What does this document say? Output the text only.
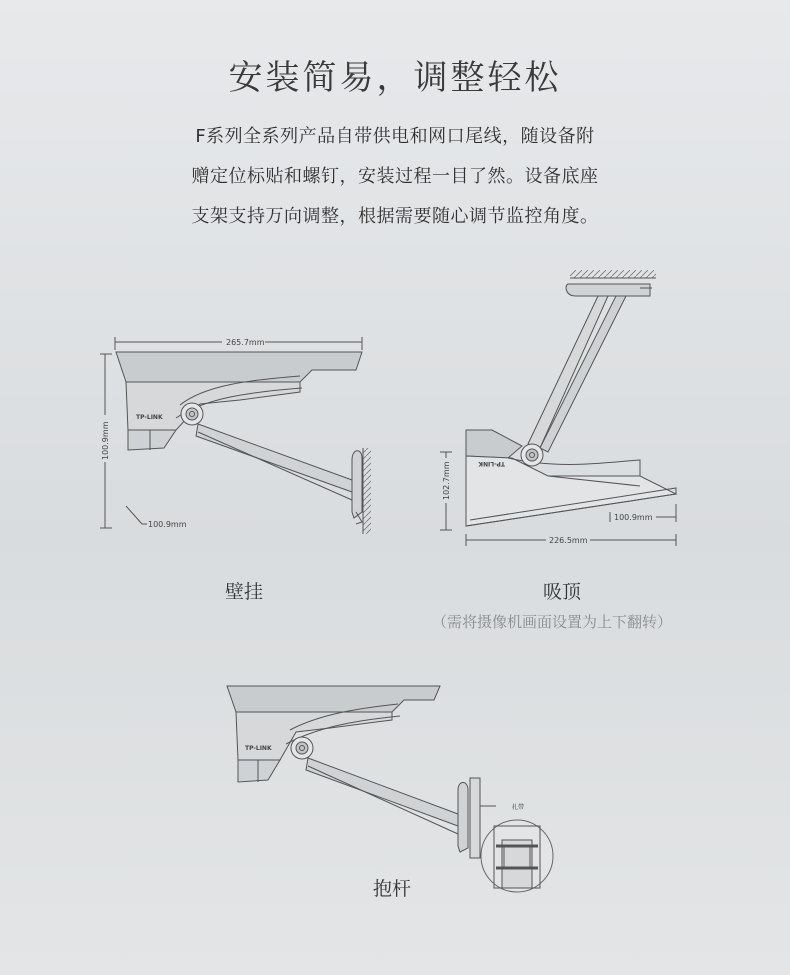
安装简易，调整轻松
F系列全系列产品自带供电和网口尾线，随设备附
赠定位标贴和螺钉，安装过程一目了然。设备底座
支架支持万向调整，根据需要随心调节监控角度。
265.7mm
100.9mm
100.9mm
TP-LINK
TP-LINK
102.7mm
100.9mm
226.5mm
TP-LINK
扎带
壁挂	吸顶
（需将摄像机画面设置为上下翻转）
抱杆
